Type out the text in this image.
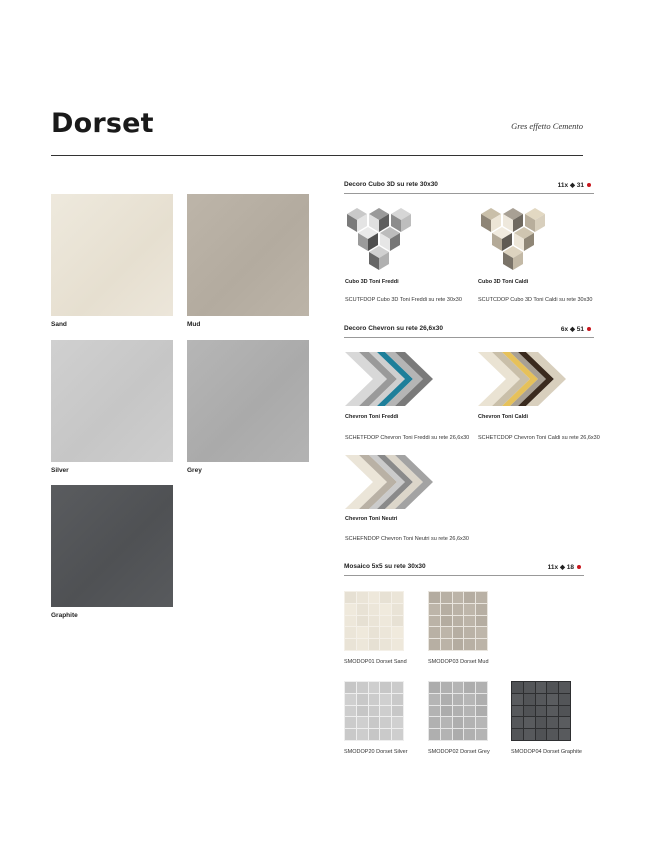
Dorset	Gres effetto Cemento
Sand	Mud
Silver	Grey
Graphite
Decoro Cubo 3D su rete 30x30	11x ◆ 31
Cubo 3D Toni Freddi
SCUTFDOP Cubo 3D Toni Freddi su rete 30x30
Cubo 3D Toni Caldi
SCUTCDOP Cubo 3D Toni Caldi su rete 30x30
Decoro Chevron su rete 26,6x30	6x ◆ 51
Chevron Toni Freddi
SCHETFDOP Chevron Toni Freddi su rete 26,6x30
Chevron Toni Caldi
SCHETCDOP Chevron Toni Caldi su rete 26,6x30
Chevron Toni Neutri
SCHEFNDOP Chevron Toni Neutri su rete 26,6x30
Mosaico 5x5 su rete 30x30	11x ◆ 18
SMODOP01 Dorset Sand	SMODOP03 Dorset Mud
SMODOP20 Dorset Silver	SMODOP02 Dorset Grey	SMODOP04 Dorset Graphite
